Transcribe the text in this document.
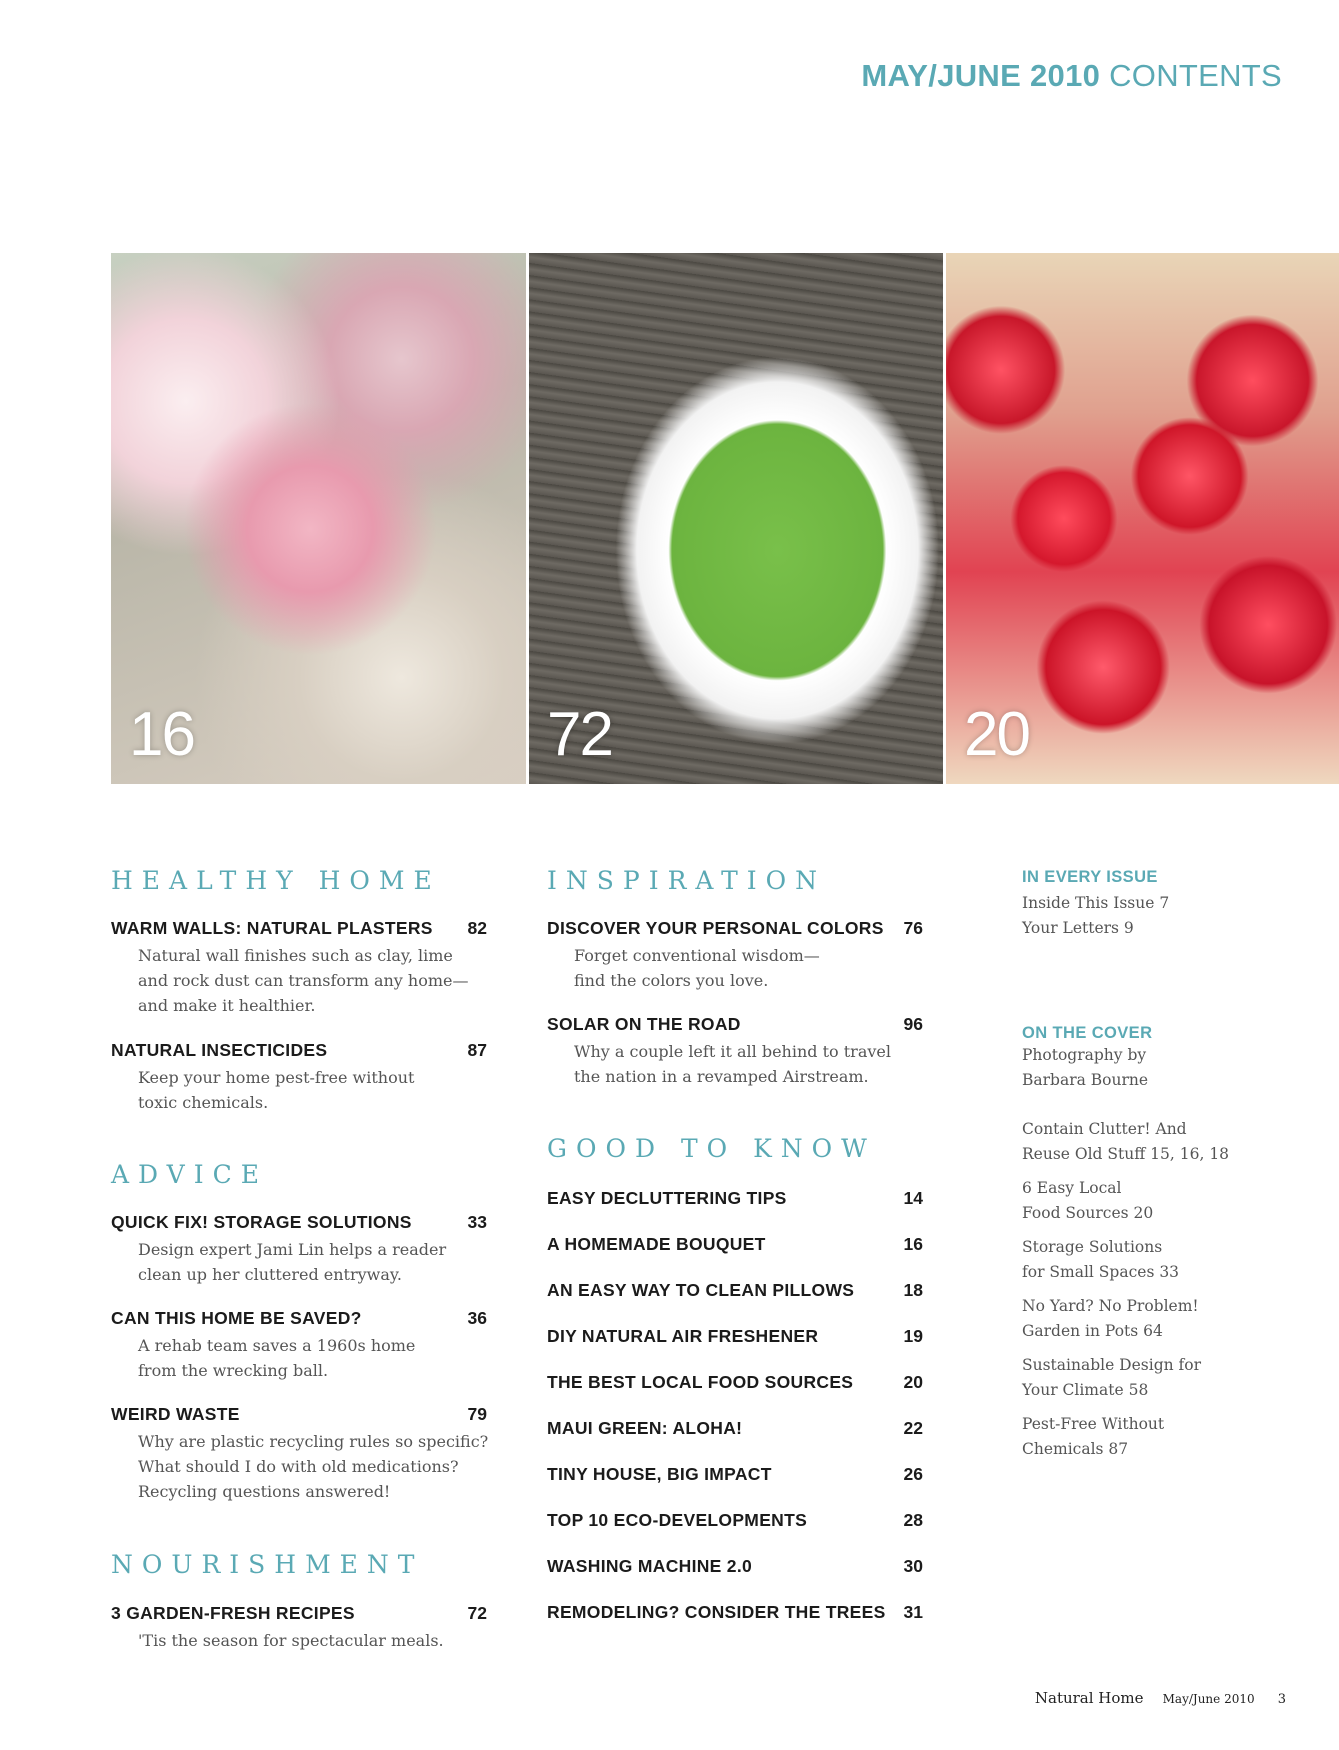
MAY/JUNE 2010 CONTENTS
16	72	20
HEALTHY HOME
WARM WALLS: NATURAL PLASTERS	82
Natural wall finishes such as clay, lime
and rock dust can transform any home—
and make it healthier.
NATURAL INSECTICIDES	87
Keep your home pest-free without
toxic chemicals.
ADVICE
QUICK FIX! STORAGE SOLUTIONS	33
Design expert Jami Lin helps a reader
clean up her cluttered entryway.
CAN THIS HOME BE SAVED?	36
A rehab team saves a 1960s home
from the wrecking ball.
WEIRD WASTE	79
Why are plastic recycling rules so specific?
What should I do with old medications?
Recycling questions answered!
NOURISHMENT
3 GARDEN-FRESH RECIPES	72
'Tis the season for spectacular meals.
INSPIRATION
DISCOVER YOUR PERSONAL COLORS	76
Forget conventional wisdom—
find the colors you love.
SOLAR ON THE ROAD	96
Why a couple left it all behind to travel
the nation in a revamped Airstream.
GOOD TO KNOW
EASY DECLUTTERING TIPS	14
A HOMEMADE BOUQUET	16
AN EASY WAY TO CLEAN PILLOWS	18
DIY NATURAL AIR FRESHENER	19
THE BEST LOCAL FOOD SOURCES	20
MAUI GREEN: ALOHA!	22
TINY HOUSE, BIG IMPACT	26
TOP 10 ECO-DEVELOPMENTS	28
WASHING MACHINE 2.0	30
REMODELING? CONSIDER THE TREES	31
IN EVERY ISSUE
Inside This Issue 7
Your Letters 9
ON THE COVER
Photography by
Barbara Bourne
Contain Clutter! And
Reuse Old Stuff 15, 16, 18
6 Easy Local
Food Sources 20
Storage Solutions
for Small Spaces 33
No Yard? No Problem!
Garden in Pots 64
Sustainable Design for
Your Climate 58
Pest-Free Without
Chemicals 87
Natural Home May/June 2010 3
